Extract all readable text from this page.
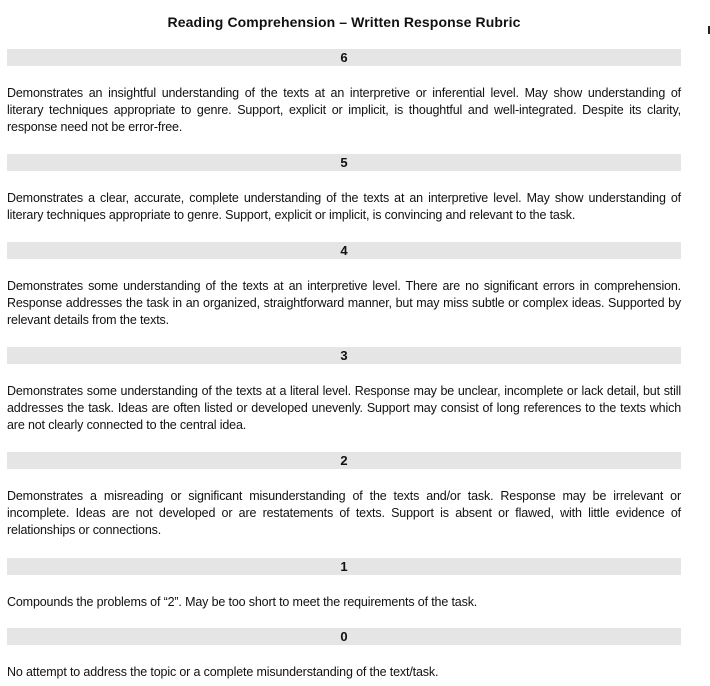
Reading Comprehension – Written Response Rubric
6
Demonstrates an insightful understanding of the texts at an interpretive or inferential level. May show understanding of literary techniques appropriate to genre. Support, explicit or implicit, is thoughtful and well-integrated. Despite its clarity, response need not be error-free.
5
Demonstrates a clear, accurate, complete understanding of the texts at an interpretive level. May show understanding of literary techniques appropriate to genre. Support, explicit or implicit, is convincing and relevant to the task.
4
Demonstrates some understanding of the texts at an interpretive level. There are no significant errors in comprehension. Response addresses the task in an organized, straightforward manner, but may miss subtle or complex ideas. Supported by relevant details from the texts.
3
Demonstrates some understanding of the texts at a literal level. Response may be unclear, incomplete or lack detail, but still addresses the task. Ideas are often listed or developed unevenly. Support may consist of long references to the texts which are not clearly connected to the central idea.
2
Demonstrates a misreading or significant misunderstanding of the texts and/or task. Response may be irrelevant or incomplete. Ideas are not developed or are restatements of texts. Support is absent or flawed, with little evidence of relationships or connections.
1
Compounds the problems of “2”. May be too short to meet the requirements of the task.
0
No attempt to address the topic or a complete misunderstanding of the text/task.
